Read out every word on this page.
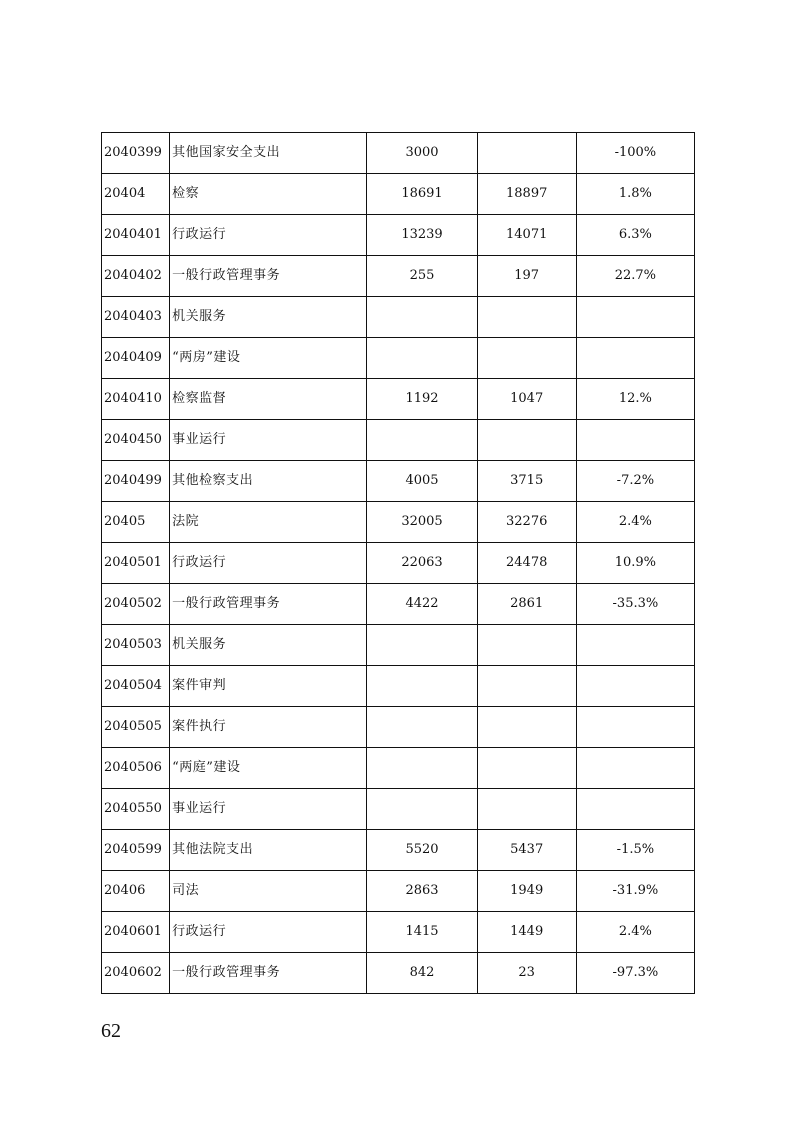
2040399	其他国家安全支出	3000		-100%
20404	检察	18691	18897	1.8%
2040401	行政运行	13239	14071	6.3%
2040402	一般行政管理事务	255	197	22.7%
2040403	机关服务			
2040409	“两房”建设			
2040410	检察监督	1192	1047	12.%
2040450	事业运行			
2040499	其他检察支出	4005	3715	-7.2%
20405	法院	32005	32276	2.4%
2040501	行政运行	22063	24478	10.9%
2040502	一般行政管理事务	4422	2861	-35.3%
2040503	机关服务			
2040504	案件审判			
2040505	案件执行			
2040506	“两庭”建设			
2040550	事业运行			
2040599	其他法院支出	5520	5437	-1.5%
20406	司法	2863	1949	-31.9%
2040601	行政运行	1415	1449	2.4%
2040602	一般行政管理事务	842	23	-97.3%
62
